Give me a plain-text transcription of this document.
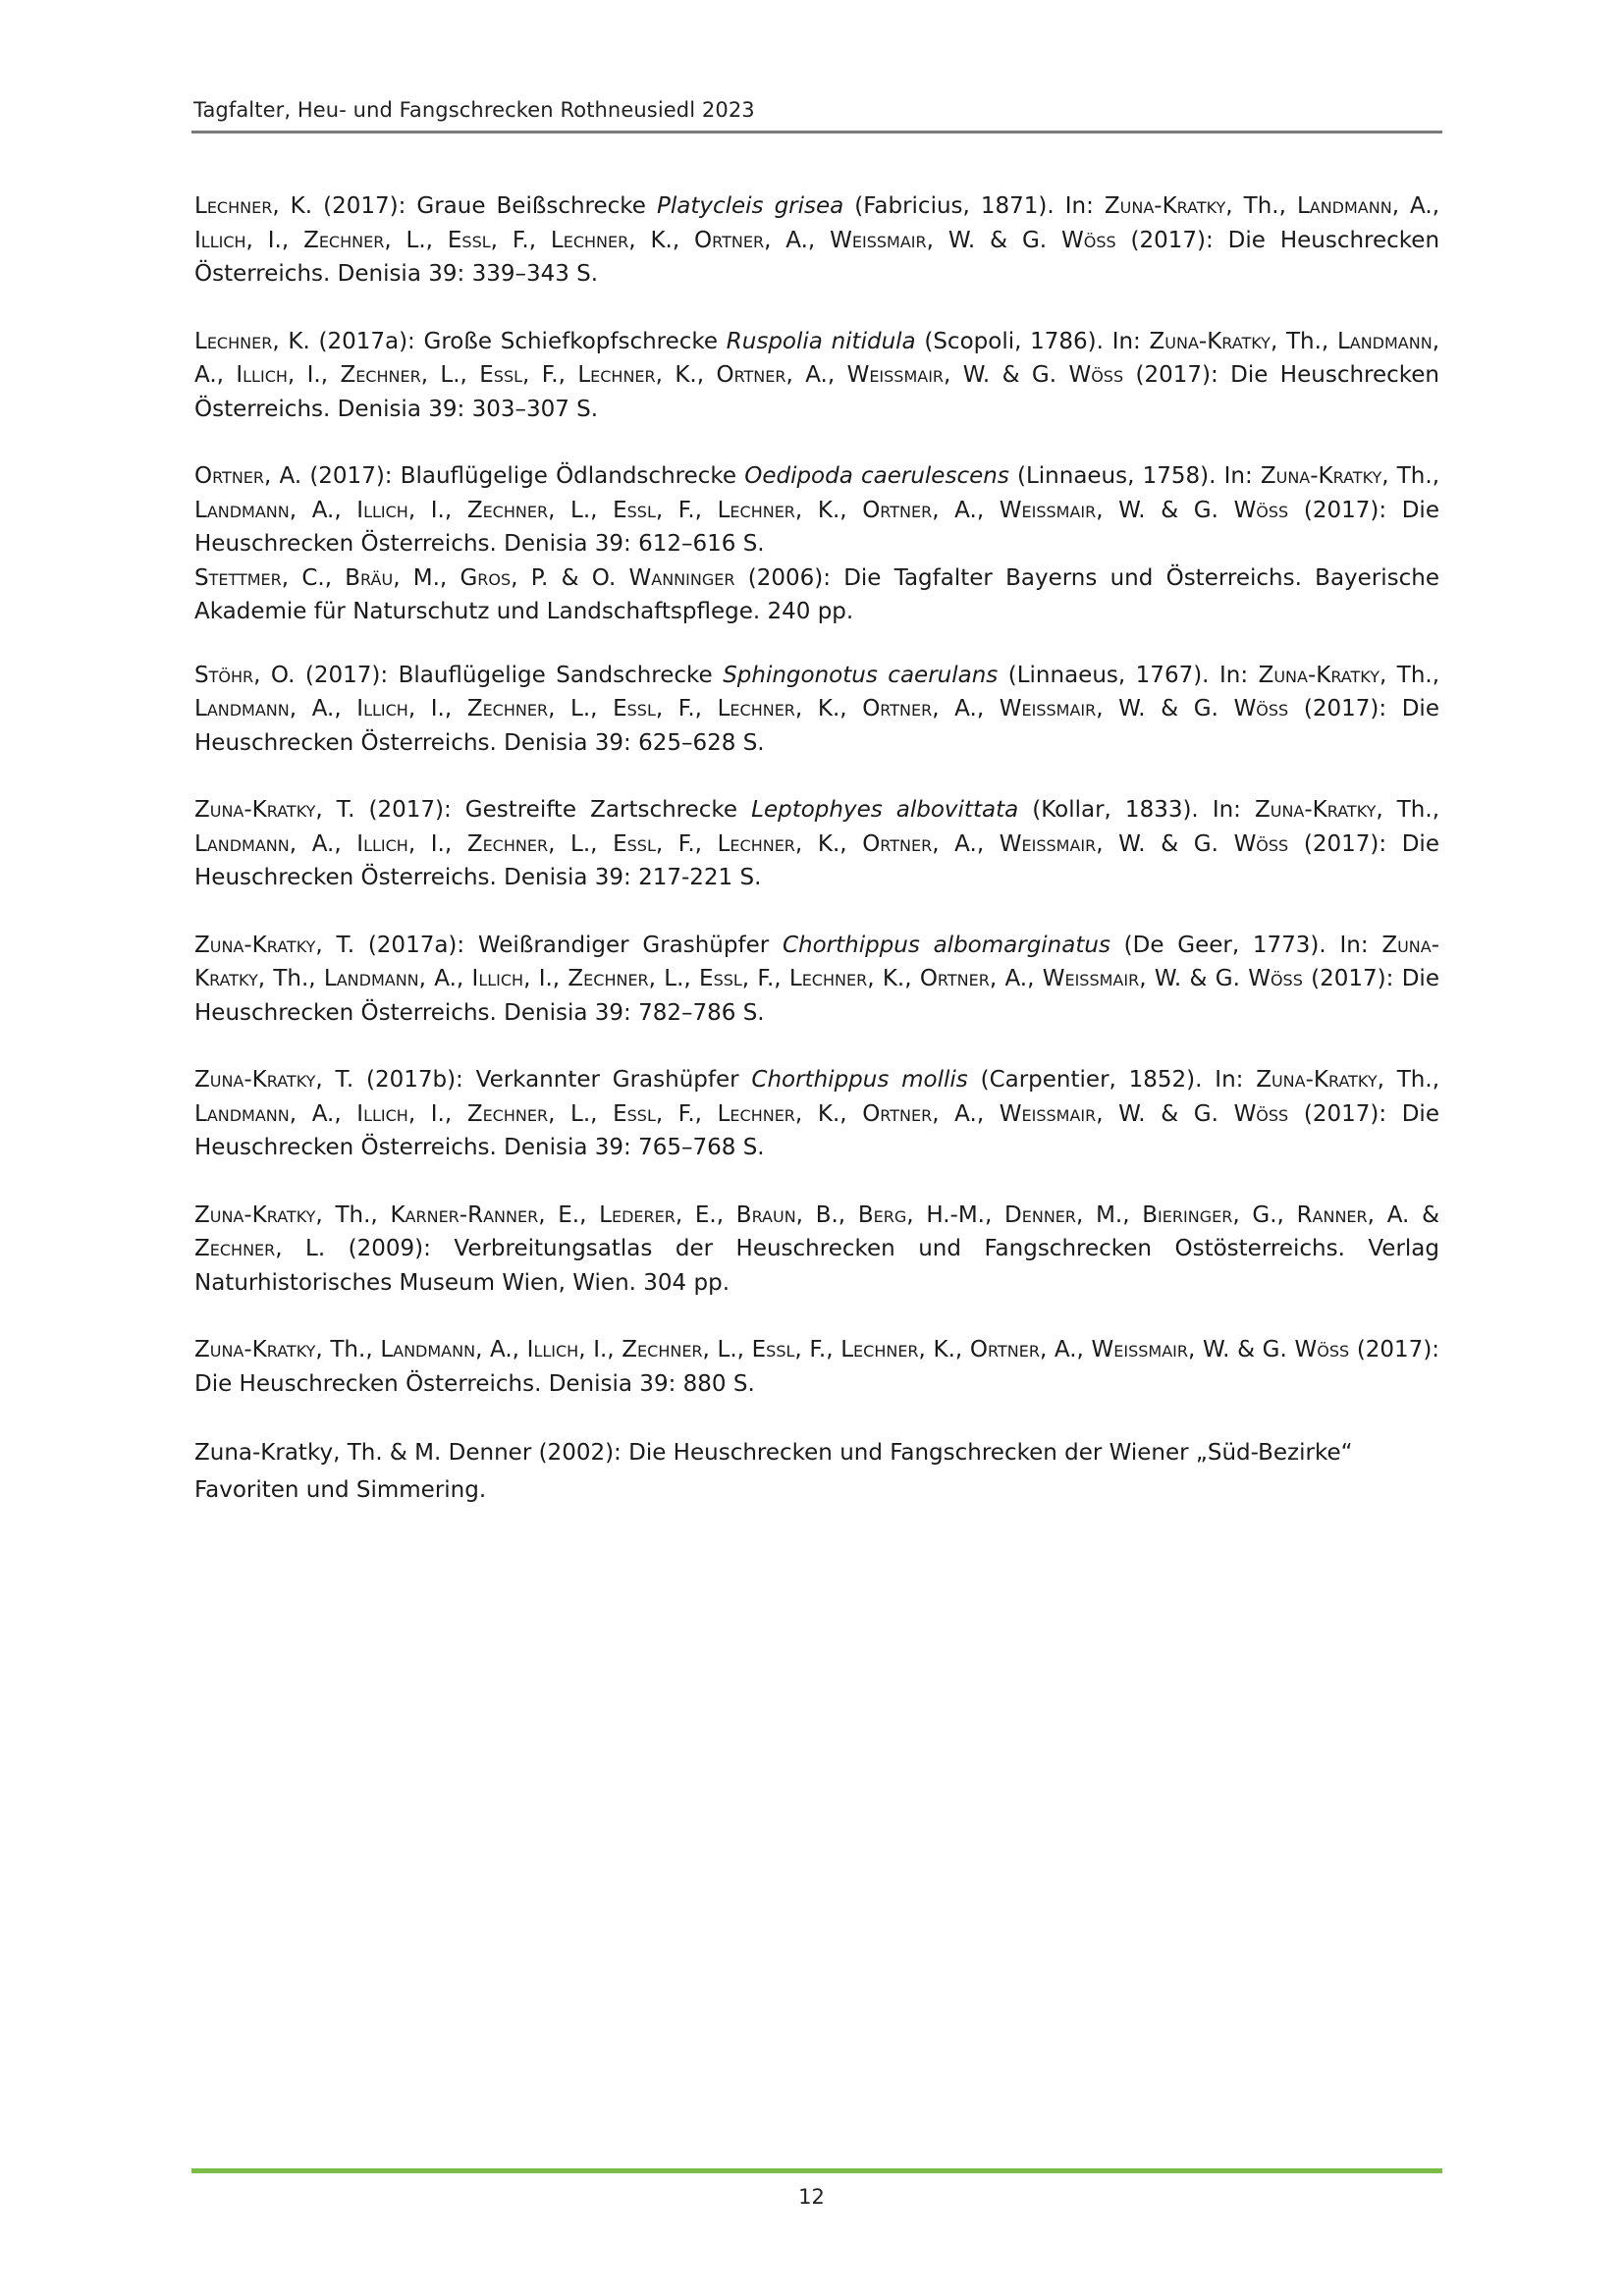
Tagfalter, Heu- und Fangschrecken Rothneusiedl 2023

Lechner, K. (2017): Graue Beißschrecke Platycleis grisea (Fabricius, 1871). In: Zuna-Kratky, Th., Landmann, A., Illich, I., Zechner, L., Essl, F., Lechner, K., Ortner, A., Weißmair, W. & G. Wöss (2017): Die Heuschrecken Österreichs. Denisia 39: 339–343 S.

Lechner, K. (2017a): Große Schiefkopfschrecke Ruspolia nitidula (Scopoli, 1786). In: Zuna-Kratky, Th., Landmann, A., Illich, I., Zechner, L., Essl, F., Lechner, K., Ortner, A., Weißmair, W. & G. Wöss (2017): Die Heuschrecken Österreichs. Denisia 39: 303–307 S.

Ortner, A. (2017): Blauflügelige Ödlandschrecke Oedipoda caerulescens (Linnaeus, 1758). In: Zuna-Kratky, Th., Landmann, A., Illich, I., Zechner, L., Essl, F., Lechner, K., Ortner, A., Weißmair, W. & G. Wöss (2017): Die Heuschrecken Österreichs. Denisia 39: 612–616 S.

Stettmer, C., Bräu, M., Gros, P. & O. Wanninger (2006): Die Tagfalter Bayerns und Österreichs. Bayerische Akademie für Naturschutz und Landschaftspflege. 240 pp.

Stöhr, O. (2017): Blauflügelige Sandschrecke Sphingonotus caerulans (Linnaeus, 1767). In: Zuna-Kratky, Th., Landmann, A., Illich, I., Zechner, L., Essl, F., Lechner, K., Ortner, A., Weißmair, W. & G. Wöss (2017): Die Heuschrecken Österreichs. Denisia 39: 625–628 S.

Zuna-Kratky, T. (2017): Gestreifte Zartschrecke Leptophyes albovittata (Kollar, 1833). In: Zuna-Kratky, Th., Landmann, A., Illich, I., Zechner, L., Essl, F., Lechner, K., Ortner, A., Weißmair, W. & G. Wöss (2017): Die Heuschrecken Österreichs. Denisia 39: 217-221 S.

Zuna-Kratky, T. (2017a): Weißrandiger Grashüpfer Chorthippus albomarginatus (De Geer, 1773). In: Zuna-Kratky, Th., Landmann, A., Illich, I., Zechner, L., Essl, F., Lechner, K., Ortner, A., Weißmair, W. & G. Wöss (2017): Die Heuschrecken Österreichs. Denisia 39: 782–786 S.

Zuna-Kratky, T. (2017b): Verkannter Grashüpfer Chorthippus mollis (Carpentier, 1852). In: Zuna-Kratky, Th., Landmann, A., Illich, I., Zechner, L., Essl, F., Lechner, K., Ortner, A., Weißmair, W. & G. Wöss (2017): Die Heuschrecken Österreichs. Denisia 39: 765–768 S.

Zuna-Kratky, Th., Karner-Ranner, E., Lederer, E., Braun, B., Berg, H.-M., Denner, M., Bieringer, G., Ranner, A. & Zechner, L. (2009): Verbreitungsatlas der Heuschrecken und Fangschrecken Ostösterreichs. Verlag Naturhistorisches Museum Wien, Wien. 304 pp.

Zuna-Kratky, Th., Landmann, A., Illich, I., Zechner, L., Essl, F., Lechner, K., Ortner, A., Weißmair, W. & G. Wöss (2017): Die Heuschrecken Österreichs. Denisia 39: 880 S.

Zuna-Kratky, Th. & M. Denner (2002): Die Heuschrecken und Fangschrecken der Wiener „Süd-Bezirke“ Favoriten und Simmering.

12
